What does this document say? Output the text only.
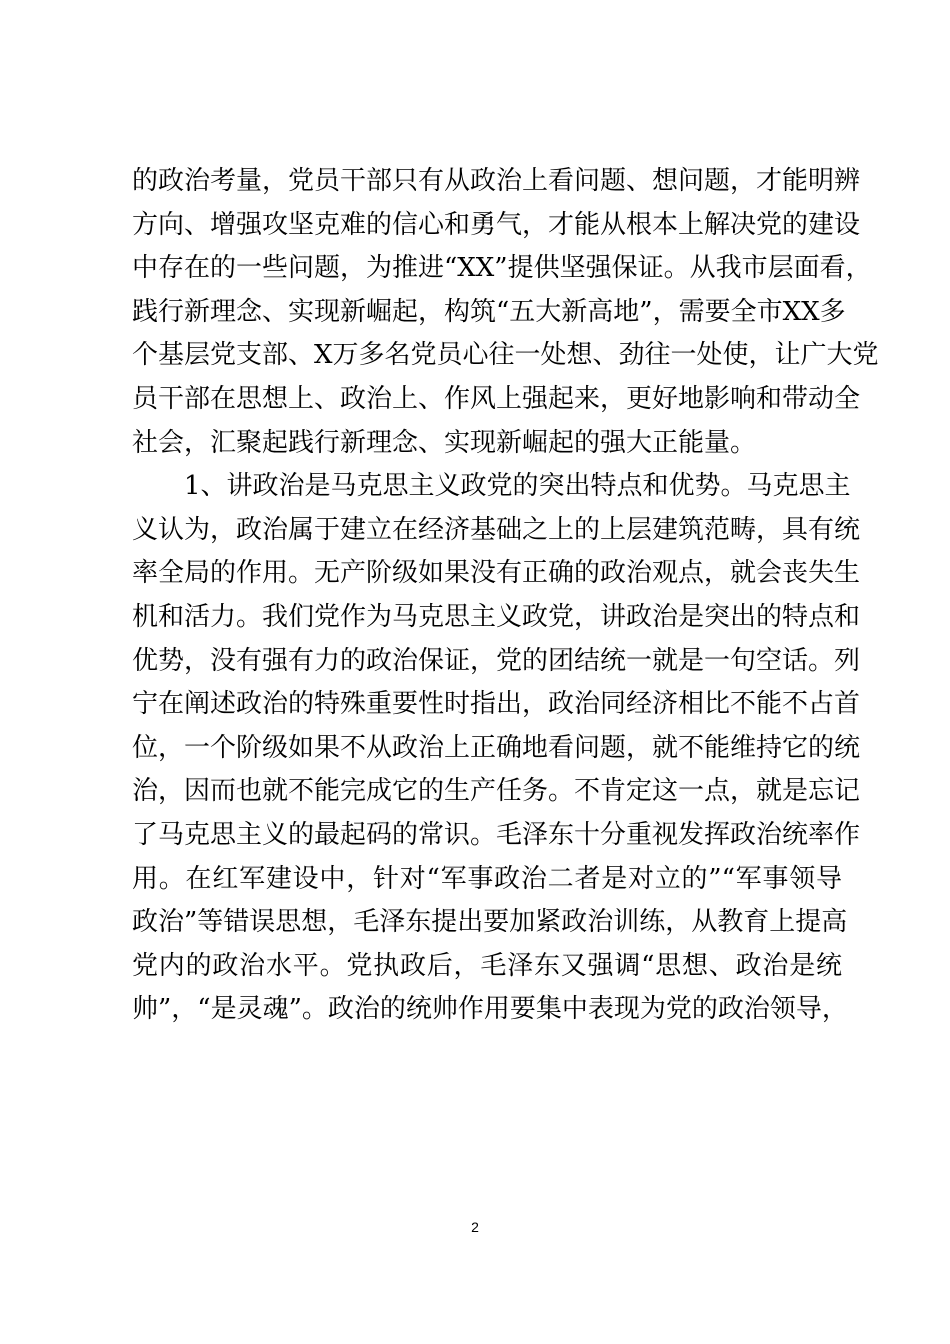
的政治考量，党员干部只有从政治上看问题、想问题，才能明辨
方向、增强攻坚克难的信心和勇气，才能从根本上解决党的建设
中存在的一些问题，为推进“XX”提供坚强保证。从我市层面看，
践行新理念、实现新崛起，构筑“五大新高地”，需要全市XX多
个基层党支部、X万多名党员心往一处想、劲往一处使，让广大党
员干部在思想上、政治上、作风上强起来，更好地影响和带动全
社会，汇聚起践行新理念、实现新崛起的强大正能量。
1、讲政治是马克思主义政党的突出特点和优势。马克思主
义认为，政治属于建立在经济基础之上的上层建筑范畴，具有统
率全局的作用。无产阶级如果没有正确的政治观点，就会丧失生
机和活力。我们党作为马克思主义政党，讲政治是突出的特点和
优势，没有强有力的政治保证，党的团结统一就是一句空话。列
宁在阐述政治的特殊重要性时指出，政治同经济相比不能不占首
位，一个阶级如果不从政治上正确地看问题，就不能维持它的统
治，因而也就不能完成它的生产任务。不肯定这一点，就是忘记
了马克思主义的最起码的常识。毛泽东十分重视发挥政治统率作
用。在红军建设中，针对“军事政治二者是对立的”“军事领导
政治”等错误思想，毛泽东提出要加紧政治训练，从教育上提高
党内的政治水平。党执政后，毛泽东又强调“思想、政治是统
帅”，“是灵魂”。政治的统帅作用要集中表现为党的政治领导，
2
